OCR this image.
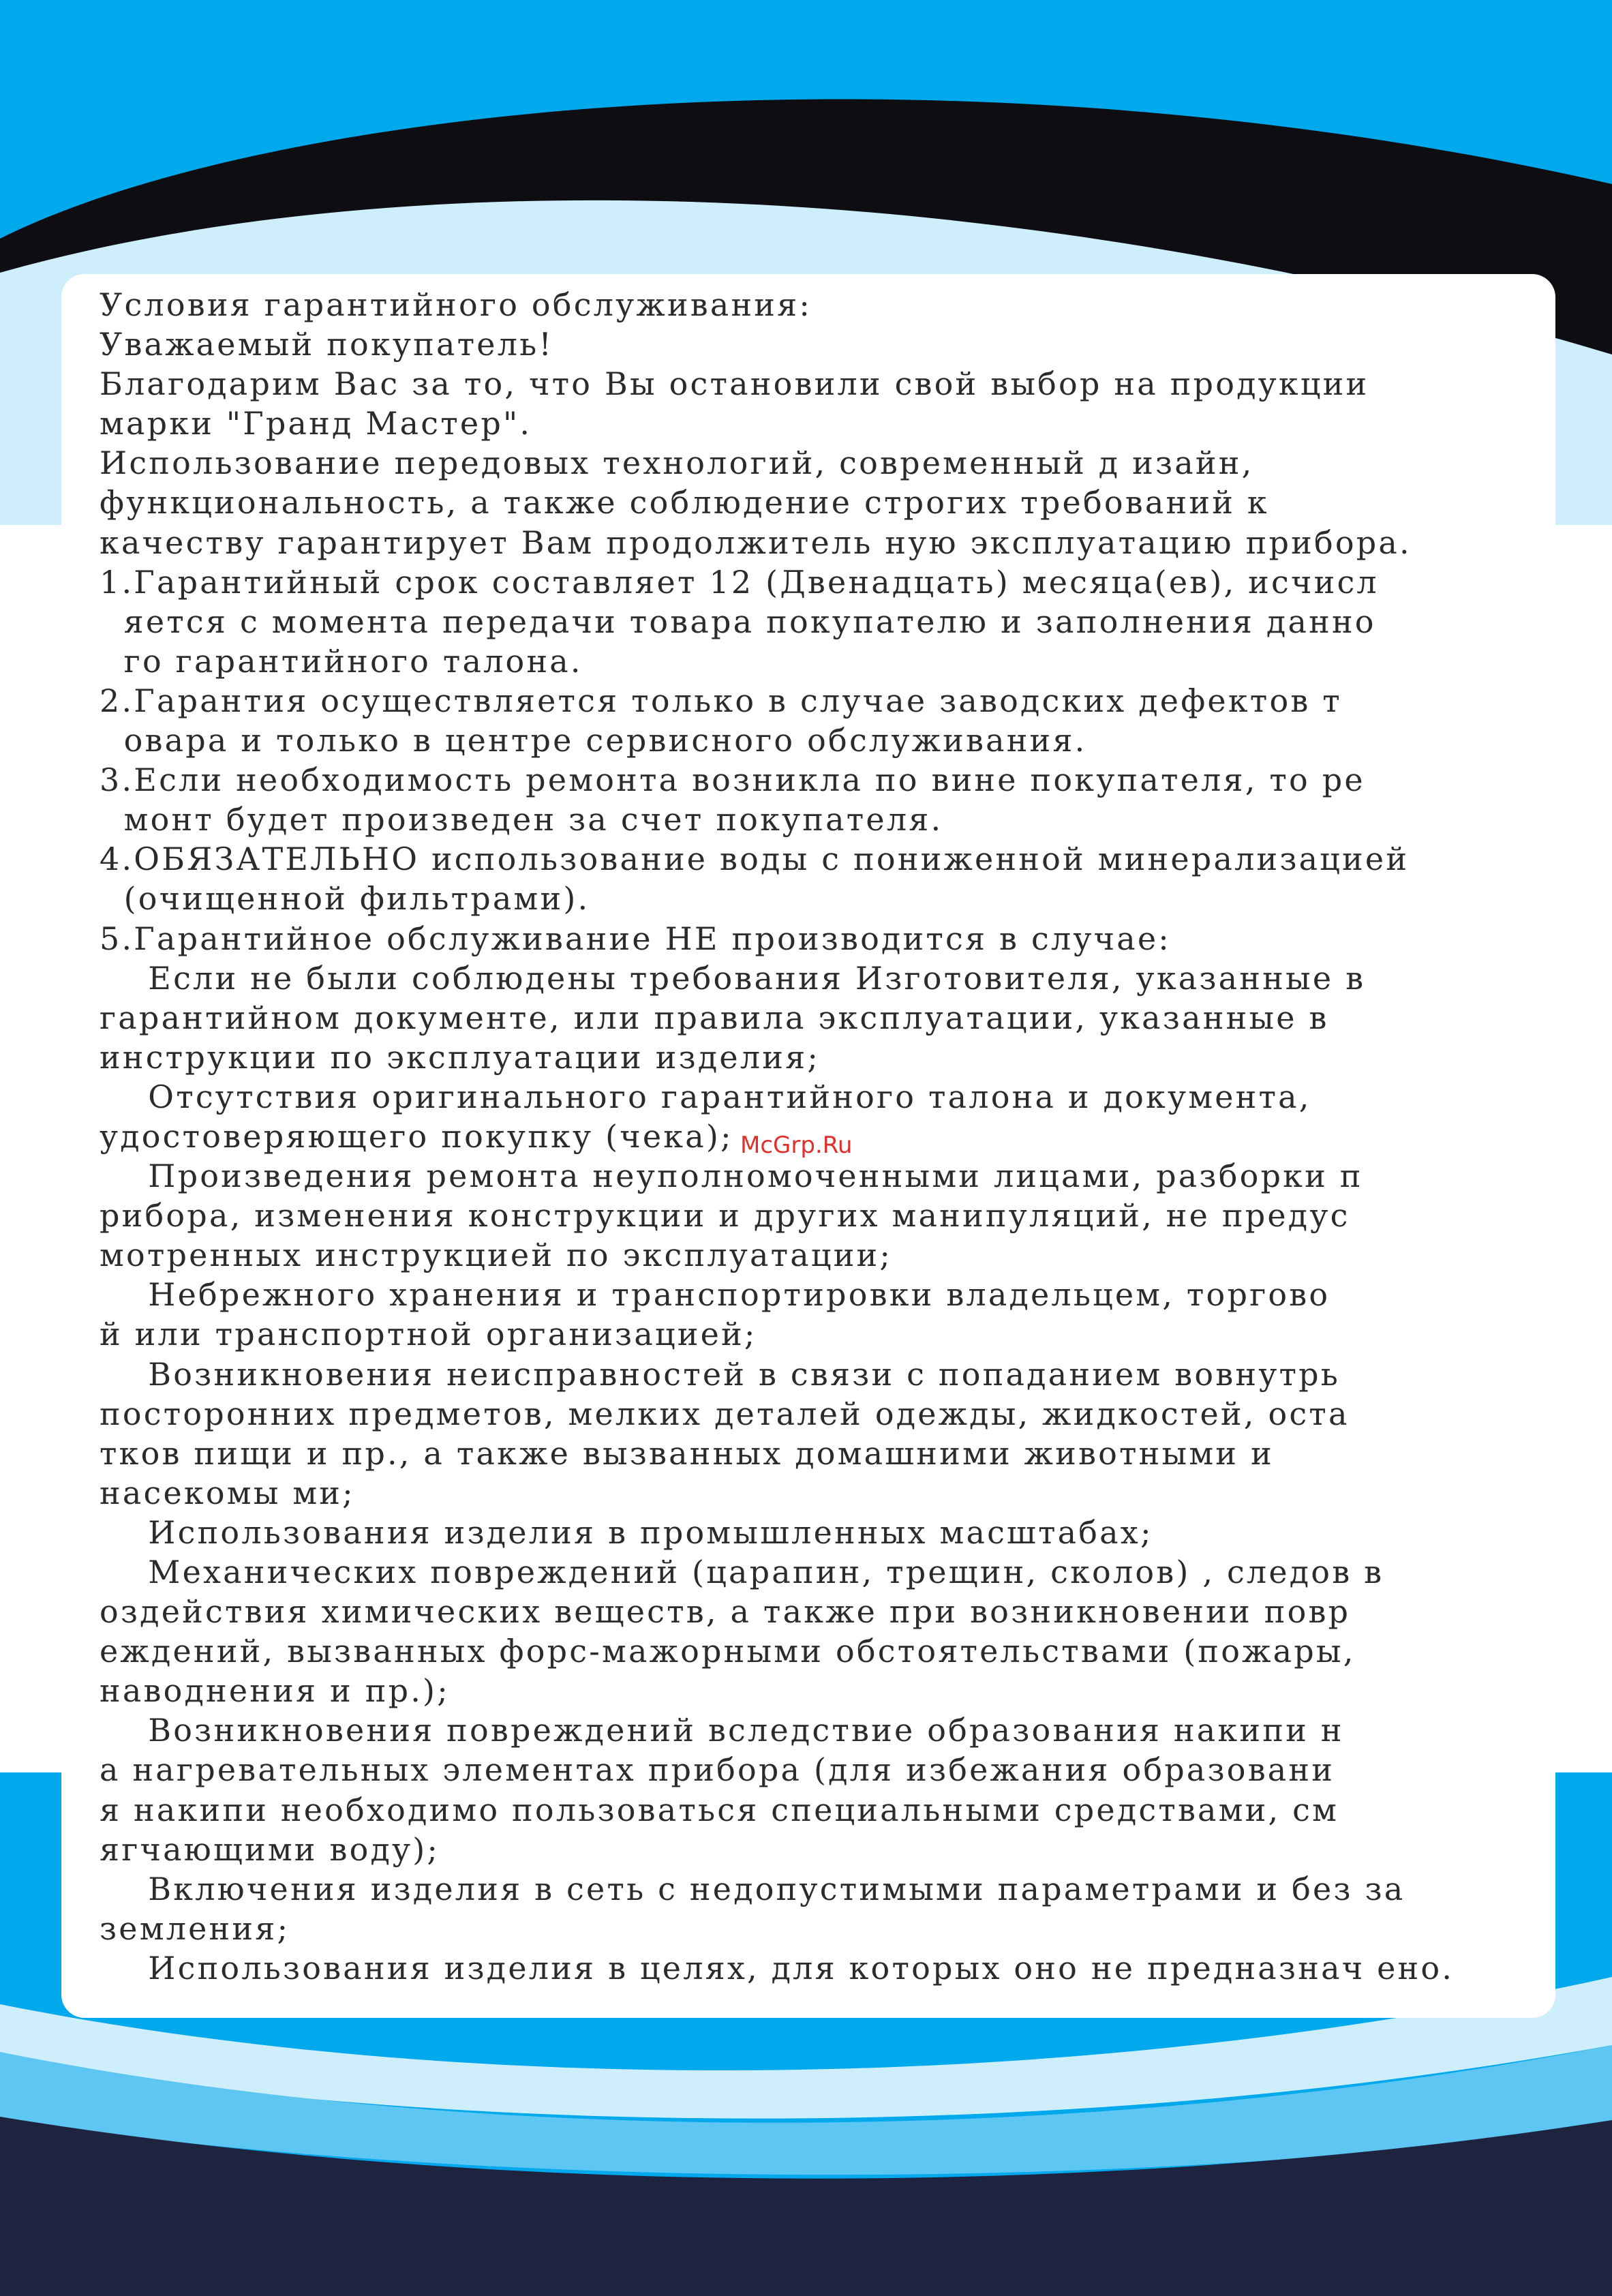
Условия гарантийного обслуживания:
Уважаемый покупатель!
Благодарим Вас за то, что Вы остановили свой выбор на продукции
марки "Гранд Мастер".
Использование передовых технологий, современный д изайн,
функциональность, а также соблюдение строгих требований к
качеству гарантирует Вам продолжитель ную эксплуатацию прибора.
1.Гарантийный срок составляет 12 (Двенадцать) месяца(ев), исчисл
яется с момента передачи товара покупателю и заполнения данно
го гарантийного талона.
2.Гарантия осуществляется только в случае заводских дефектов т
овара и только в центре сервисного обслуживания.
3.Если необходимость ремонта возникла по вине покупателя, то ре
монт будет произведен за счет покупателя.
4.ОБЯЗАТЕЛЬНО использование воды с пониженной минерализацией
(очищенной фильтрами).
5.Гарантийное обслуживание НЕ производится в случае:
Если не были соблюдены требования Изготовителя, указанные в
гарантийном документе, или правила эксплуатации, указанные в
инструкции по эксплуатации изделия;
Отсутствия оригинального гарантийного талона и документа,
удостоверяющего покупку (чека);
Произведения ремонта неуполномоченными лицами, разборки п
рибора, изменения конструкции и других манипуляций, не предус
мотренных инструкцией по эксплуатации;
Небрежного хранения и транспортировки владельцем, торгово
й или транспортной организацией;
Возникновения неисправностей в связи с попаданием вовнутрь
посторонних предметов, мелких деталей одежды, жидкостей, оста
тков пищи и пр., а также вызванных домашними животными и
насекомы ми;
Использования изделия в промышленных масштабах;
Механических повреждений (царапин, трещин, сколов) , следов в
оздействия химических веществ, а также при возникновении повр
еждений, вызванных форс-мажорными обстоятельствами (пожары,
наводнения и пр.);
Возникновения повреждений вследствие образования накипи н
а нагревательных элементах прибора (для избежания образовани
я накипи необходимо пользоваться специальными средствами, см
ягчающими воду);
Включения изделия в сеть с недопустимыми параметрами и без за
земления;
Использования изделия в целях, для которых оно не предназнач ено.
McGrp.Ru
